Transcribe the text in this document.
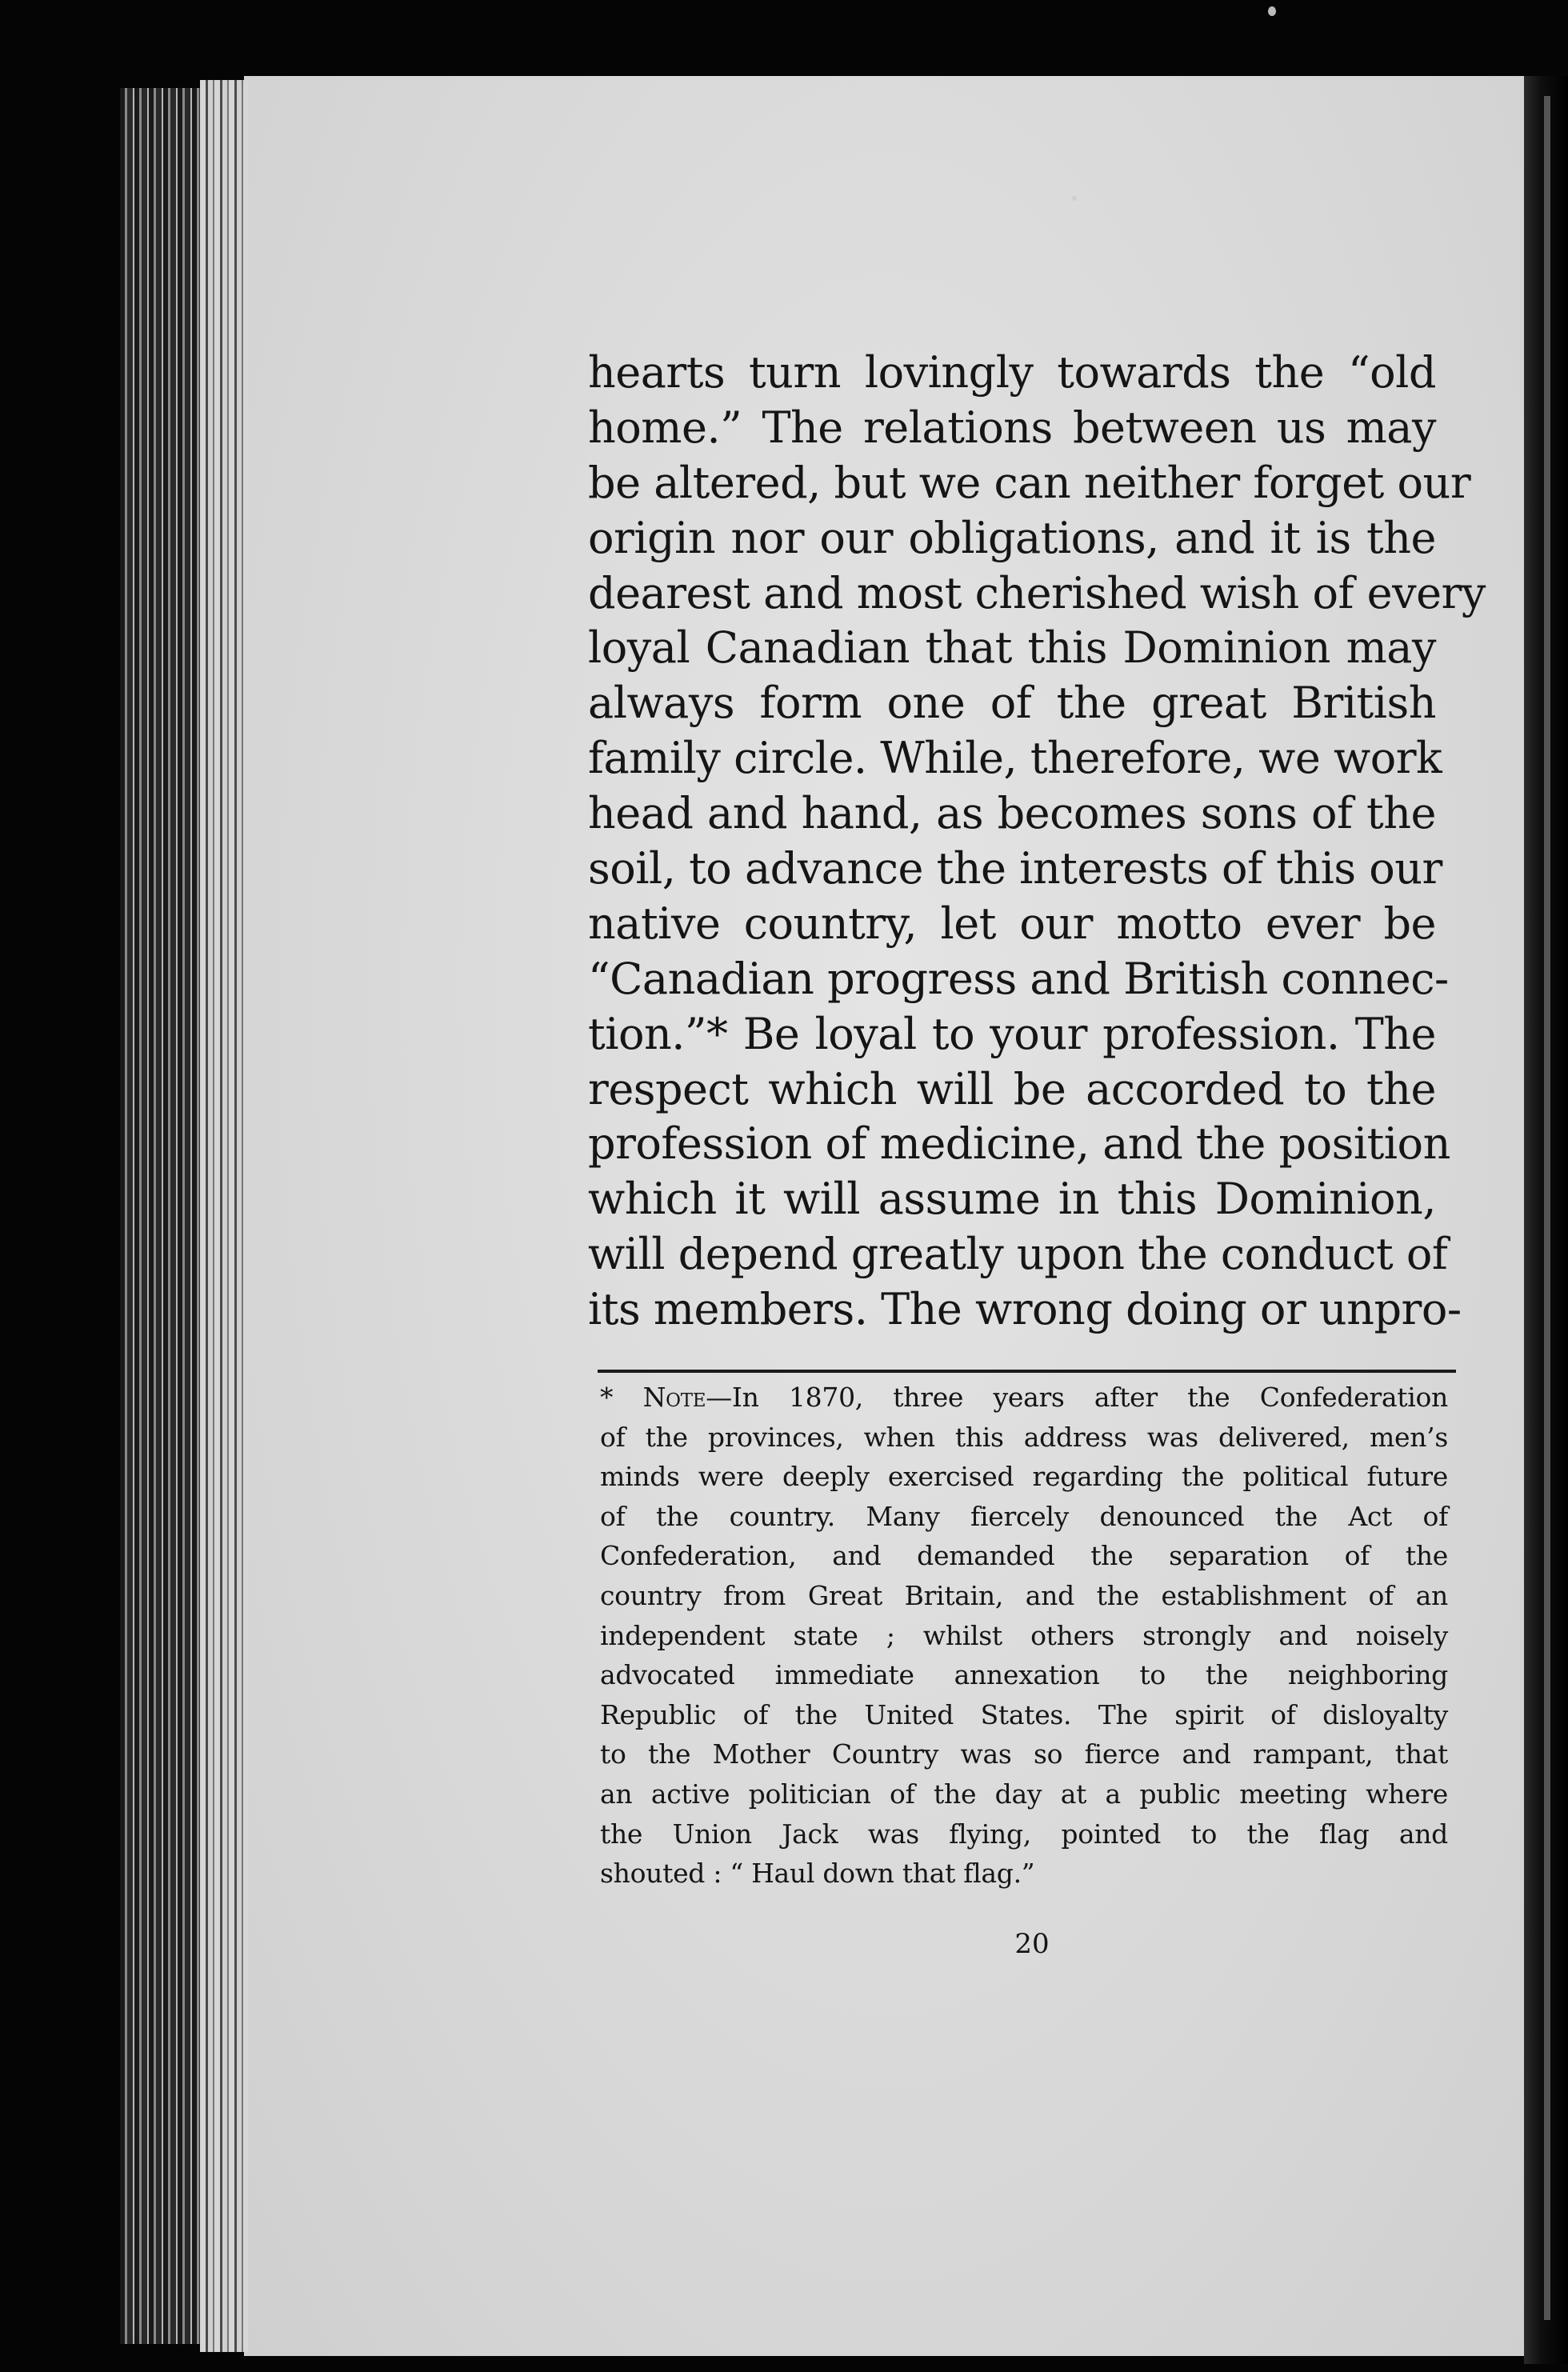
hearts turn lovingly towards the “old
home.” The relations between us may
be altered, but we can neither forget our
origin nor our obligations, and it is the
dearest and most cherished wish of every
loyal Canadian that this Dominion may
always form one of the great British
family circle. While, therefore, we work
head and hand, as becomes sons of the
soil, to advance the interests of this our
native country, let our motto ever be
“Canadian progress and British connec-
tion.”* Be loyal to your profession. The
respect which will be accorded to the
profession of medicine, and the position
which it will assume in this Dominion,
will depend greatly upon the conduct of
its members. The wrong doing or unpro-
* Note—In 1870, three years after the Confederation
of the provinces, when this address was delivered, men’s
minds were deeply exercised regarding the political future
of the country. Many fiercely denounced the Act of
Confederation, and demanded the separation of the
country from Great Britain, and the establishment of an
independent state ; whilst others strongly and noisely
advocated immediate annexation to the neighboring
Republic of the United States. The spirit of disloyalty
to the Mother Country was so fierce and rampant, that
an active politician of the day at a public meeting where
the Union Jack was flying, pointed to the flag and
shouted : “ Haul down that flag.”
20
